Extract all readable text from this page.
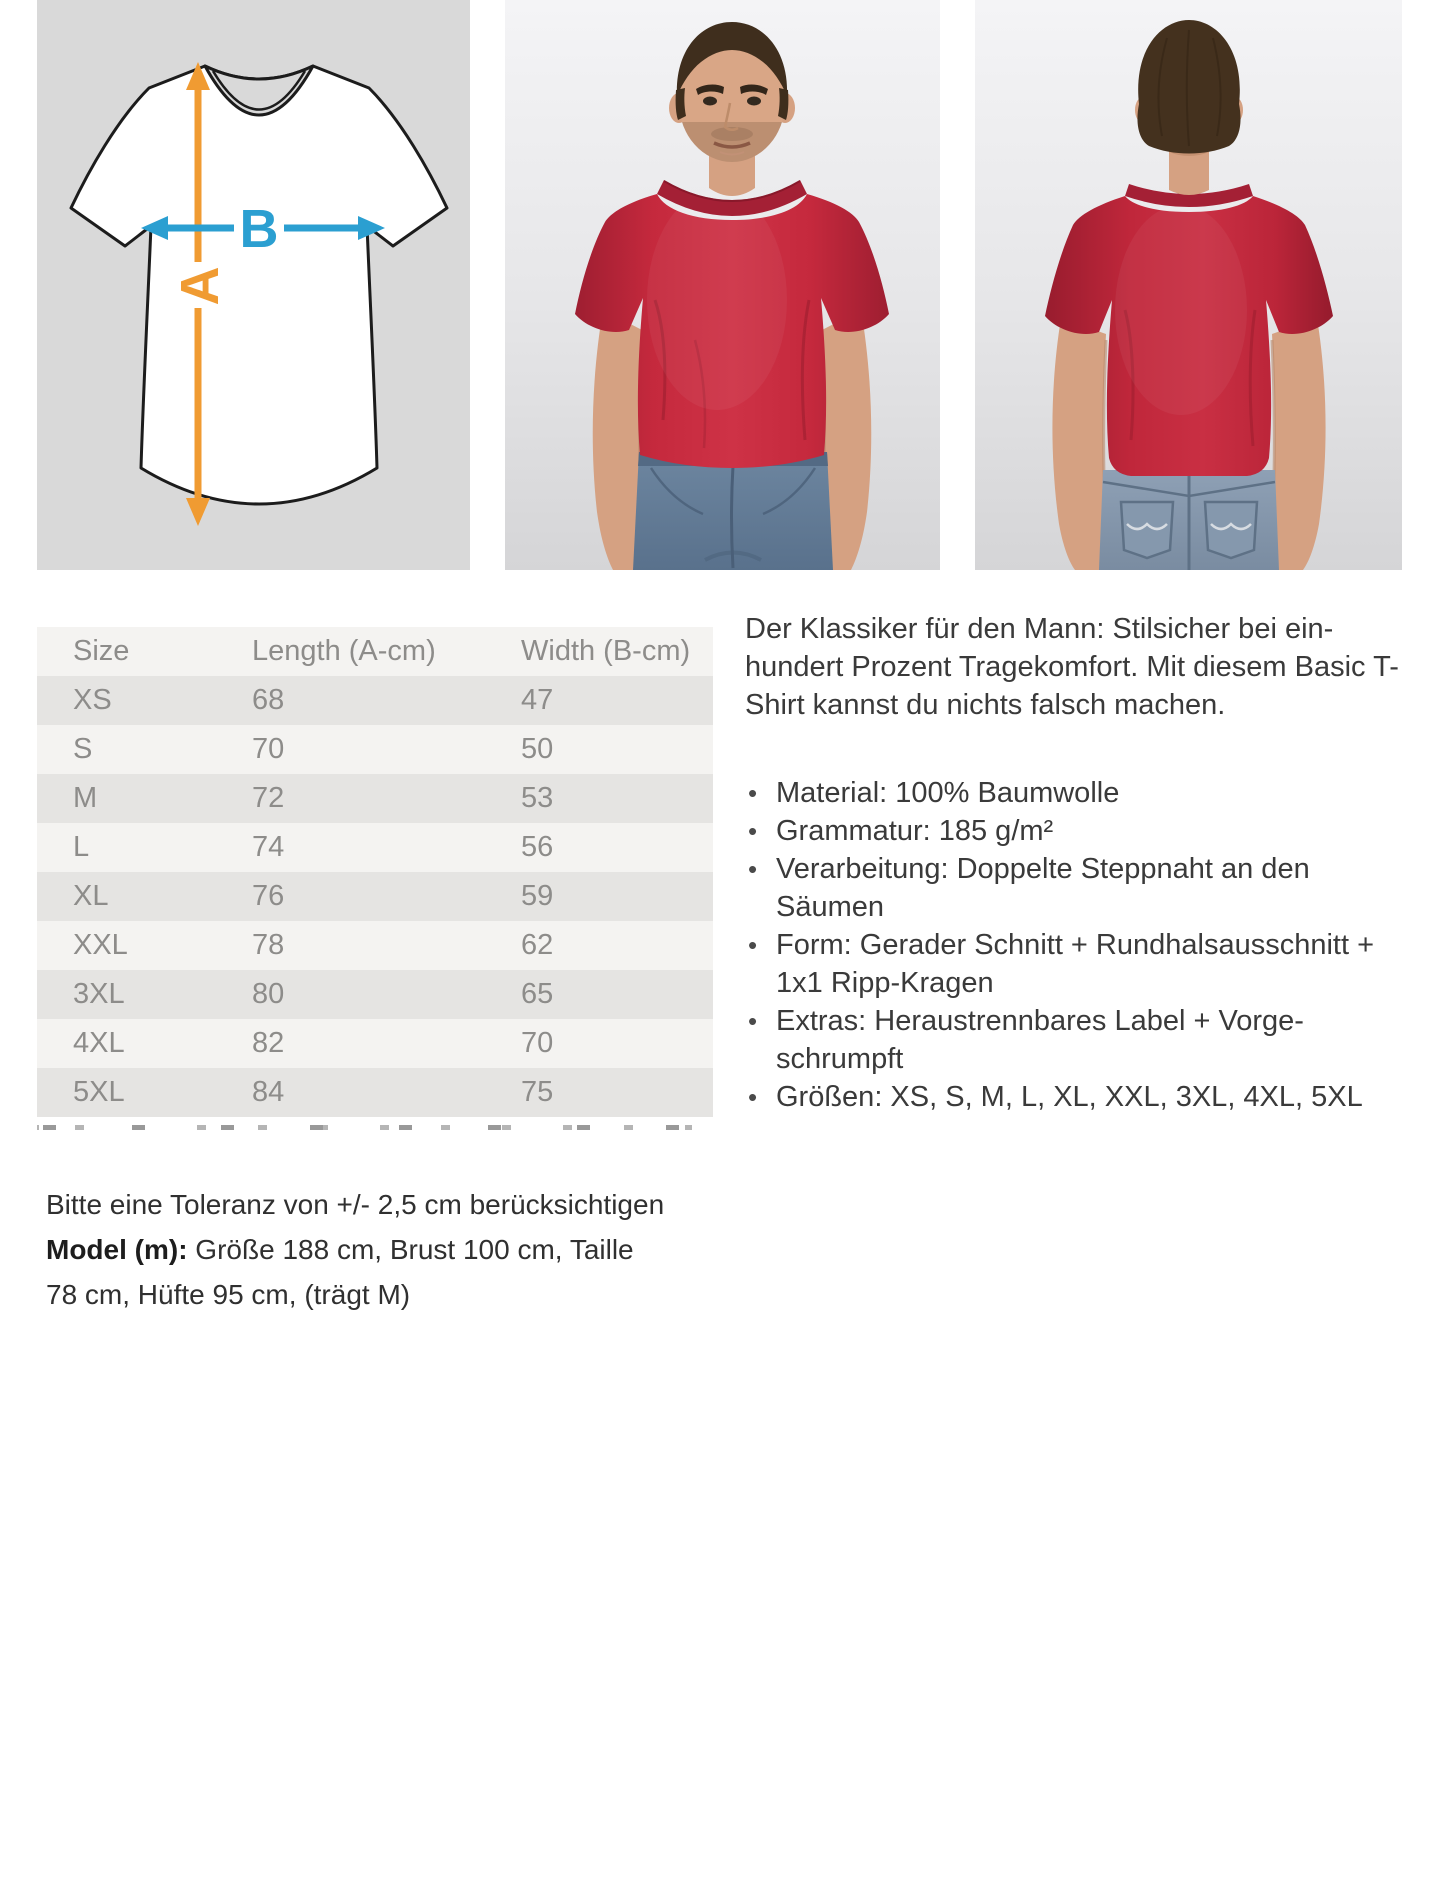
A
B
Size	Length (A-cm)	Width (B-cm)
XS	68	47
S	70	50
M	72	53
L	74	56
XL	76	59
XXL	78	62
3XL	80	65
4XL	82	70
5XL	84	75

Der Klassiker für den Mann: Stilsicher bei ein-hundert Prozent Tragekomfort. Mit diesem Basic T-Shirt kannst du nichts falsch machen.

• Material: 100% Baumwolle
• Grammatur: 185 g/m²
• Verarbeitung: Doppelte Steppnaht an den Säumen
• Form: Gerader Schnitt + Rundhalsausschnitt + 1x1 Ripp-Kragen
• Extras: Heraustrennbares Label + Vorge-schrumpft
• Größen: XS, S, M, L, XL, XXL, 3XL, 4XL, 5XL
Bitte eine Toleranz von +/- 2,5 cm berücksichtigen
Model (m): Größe 188 cm, Brust 100 cm, Taille
78 cm, Hüfte 95 cm, (trägt M)
